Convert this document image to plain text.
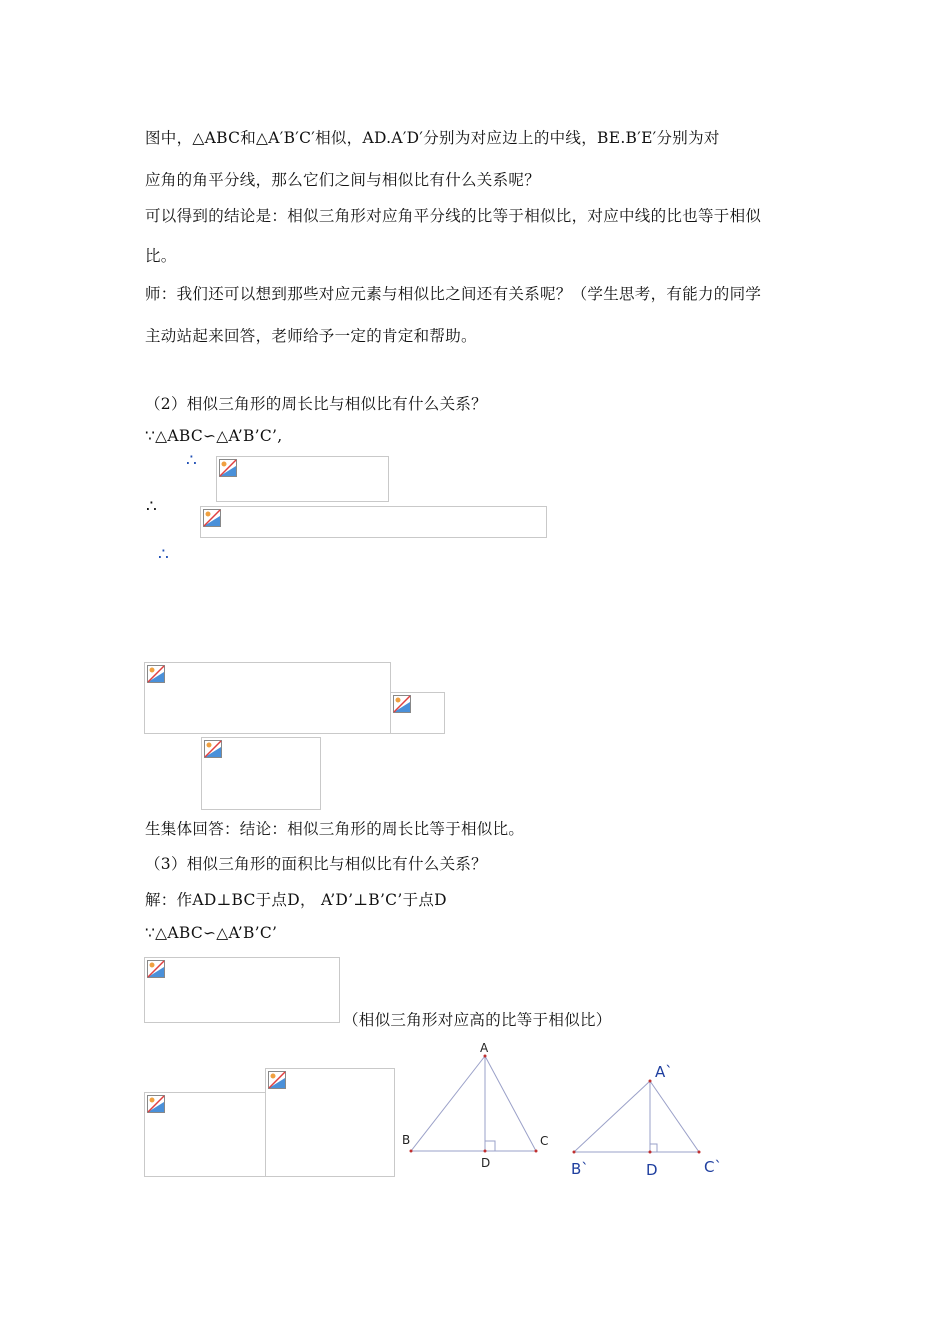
图中，△ABC和△A′B′C′相似，AD.A′D′分别为对应边上的中线，BE.B′E′分别为对
应角的角平分线，那么它们之间与相似比有什么关系呢？
可以得到的结论是：相似三角形对应角平分线的比等于相似比，对应中线的比也等于相似
比。
师：我们还可以想到那些对应元素与相似比之间还有关系呢？（学生思考，有能力的同学
主动站起来回答，老师给予一定的肯定和帮助。
（2）相似三角形的周长比与相似比有什么关系？
∵△ABC∽△A’B’C’,
∴
∴
∴
生集体回答：结论：相似三角形的周长比等于相似比。
（3）相似三角形的面积比与相似比有什么关系？
解：作AD⊥BC于点D， A’D’⊥B’C’于点D
∵△ABC∽△A’B’C’
（相似三角形对应高的比等于相似比）
A
B	C
D
A`
B`	C`
D
